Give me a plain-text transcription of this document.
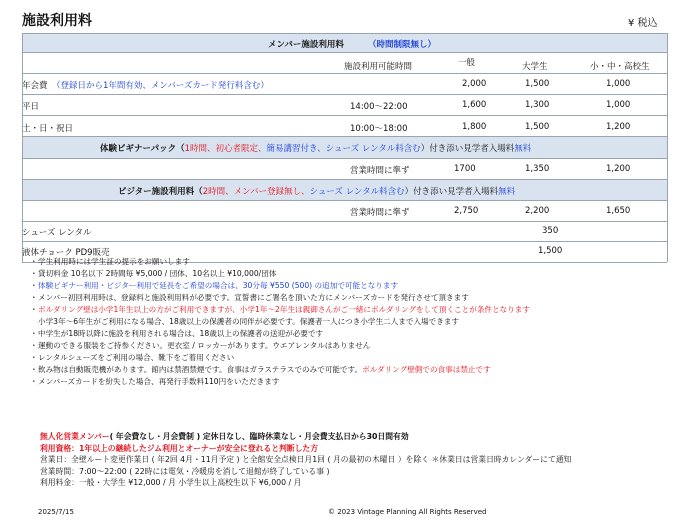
施設利用料	¥ 税込
メンバー施設利用料	（時間制限無し）
施設利用可能時間	一般	大学生	小・中・高校生
年会費 （登録日から1年間有効、メンバーズカード発行料含む）	2,000	1,500	1,000
平日	14:00～22:00	1,600	1,300	1,000
土・日・祝日	10:00～18:00	1,800	1,500	1,200
体験ビギナーパック（1時間、初心者限定、簡易講習付き、シューズ レンタル料含む）付き添い見学者入場料無料
営業時間に準ず	1700	1,350	1,200
ビジター施設利用料（2時間、メンバー登録無し、シューズ レンタル料含む）付き添い見学者入場料無料
営業時間に準ず	2,750	2,200	1,650
シューズ レンタル	350
液体チョーク PD9販売	1,500
・ 学生利用時には学生証の提示をお願いします
・ 貸切料金 10名以下 2時間毎 ¥5,000 / 団体、10名以上 ¥10,000/団体
・ 体験ビギナー利用・ビジター利用で延長をご希望の場合は、30分毎 ¥550 (500) の追加で可能となります
・ メンバー初回利用時は、登録料と施設利用料が必要です。宣誓書にご署名を頂いた方にメンバーズカードを発行させて頂きます
・ ボルダリング壁は小学1年生以上の方がご利用できますが、小学1年～2年生は親御さんがご一緒にボルダリングをして頂くことが条件となります
小学3年～6年生がご利用になる場合、18歳以上の保護者の同伴が必要です。保護者一人につき小学生二人まで入場できます
・ 中学生が18時以降に施設を利用される場合は、18歳以上の保護者の送迎が必要です
・ 運動のできる服装をご持参ください。更衣室 / ロッカーがあります。ウエアレンタルはありません
・ レンタルシューズをご利用の場合、靴下をご着用ください
・ 飲み物は自動販売機があります。館内は禁酒禁煙です。食事はガラステラスでのみで可能です。ボルダリング壁側での食事は禁止です
・ メンバーズカードを紛失した場合、再発行手数料110円をいただきます
無人化営業メンバー( 年会費なし・月会費制 ) 定休日なし、臨時休業なし・月会費支払日から30日間有効
利用資格：1年以上の継続したジム利用とオーナーが安全に登れると判断した方
営業日：全壁ルート変更作業日 ( 年2回 4月・11月予定 ) と全館安全点検日月1回 ( 月の最初の木曜日 ）を除く ＊休業日は営業日時カレンダーにて通知
営業時間：7:00～22:00 ( 22時には電気・冷暖房を消して退館が終了している事 )
利用料金：一般・大学生 ¥12,000 / 月 小学生以上高校生以下 ¥6,000 / 月
2025/7/15	© 2023 Vintage Planning All Rights Reserved
